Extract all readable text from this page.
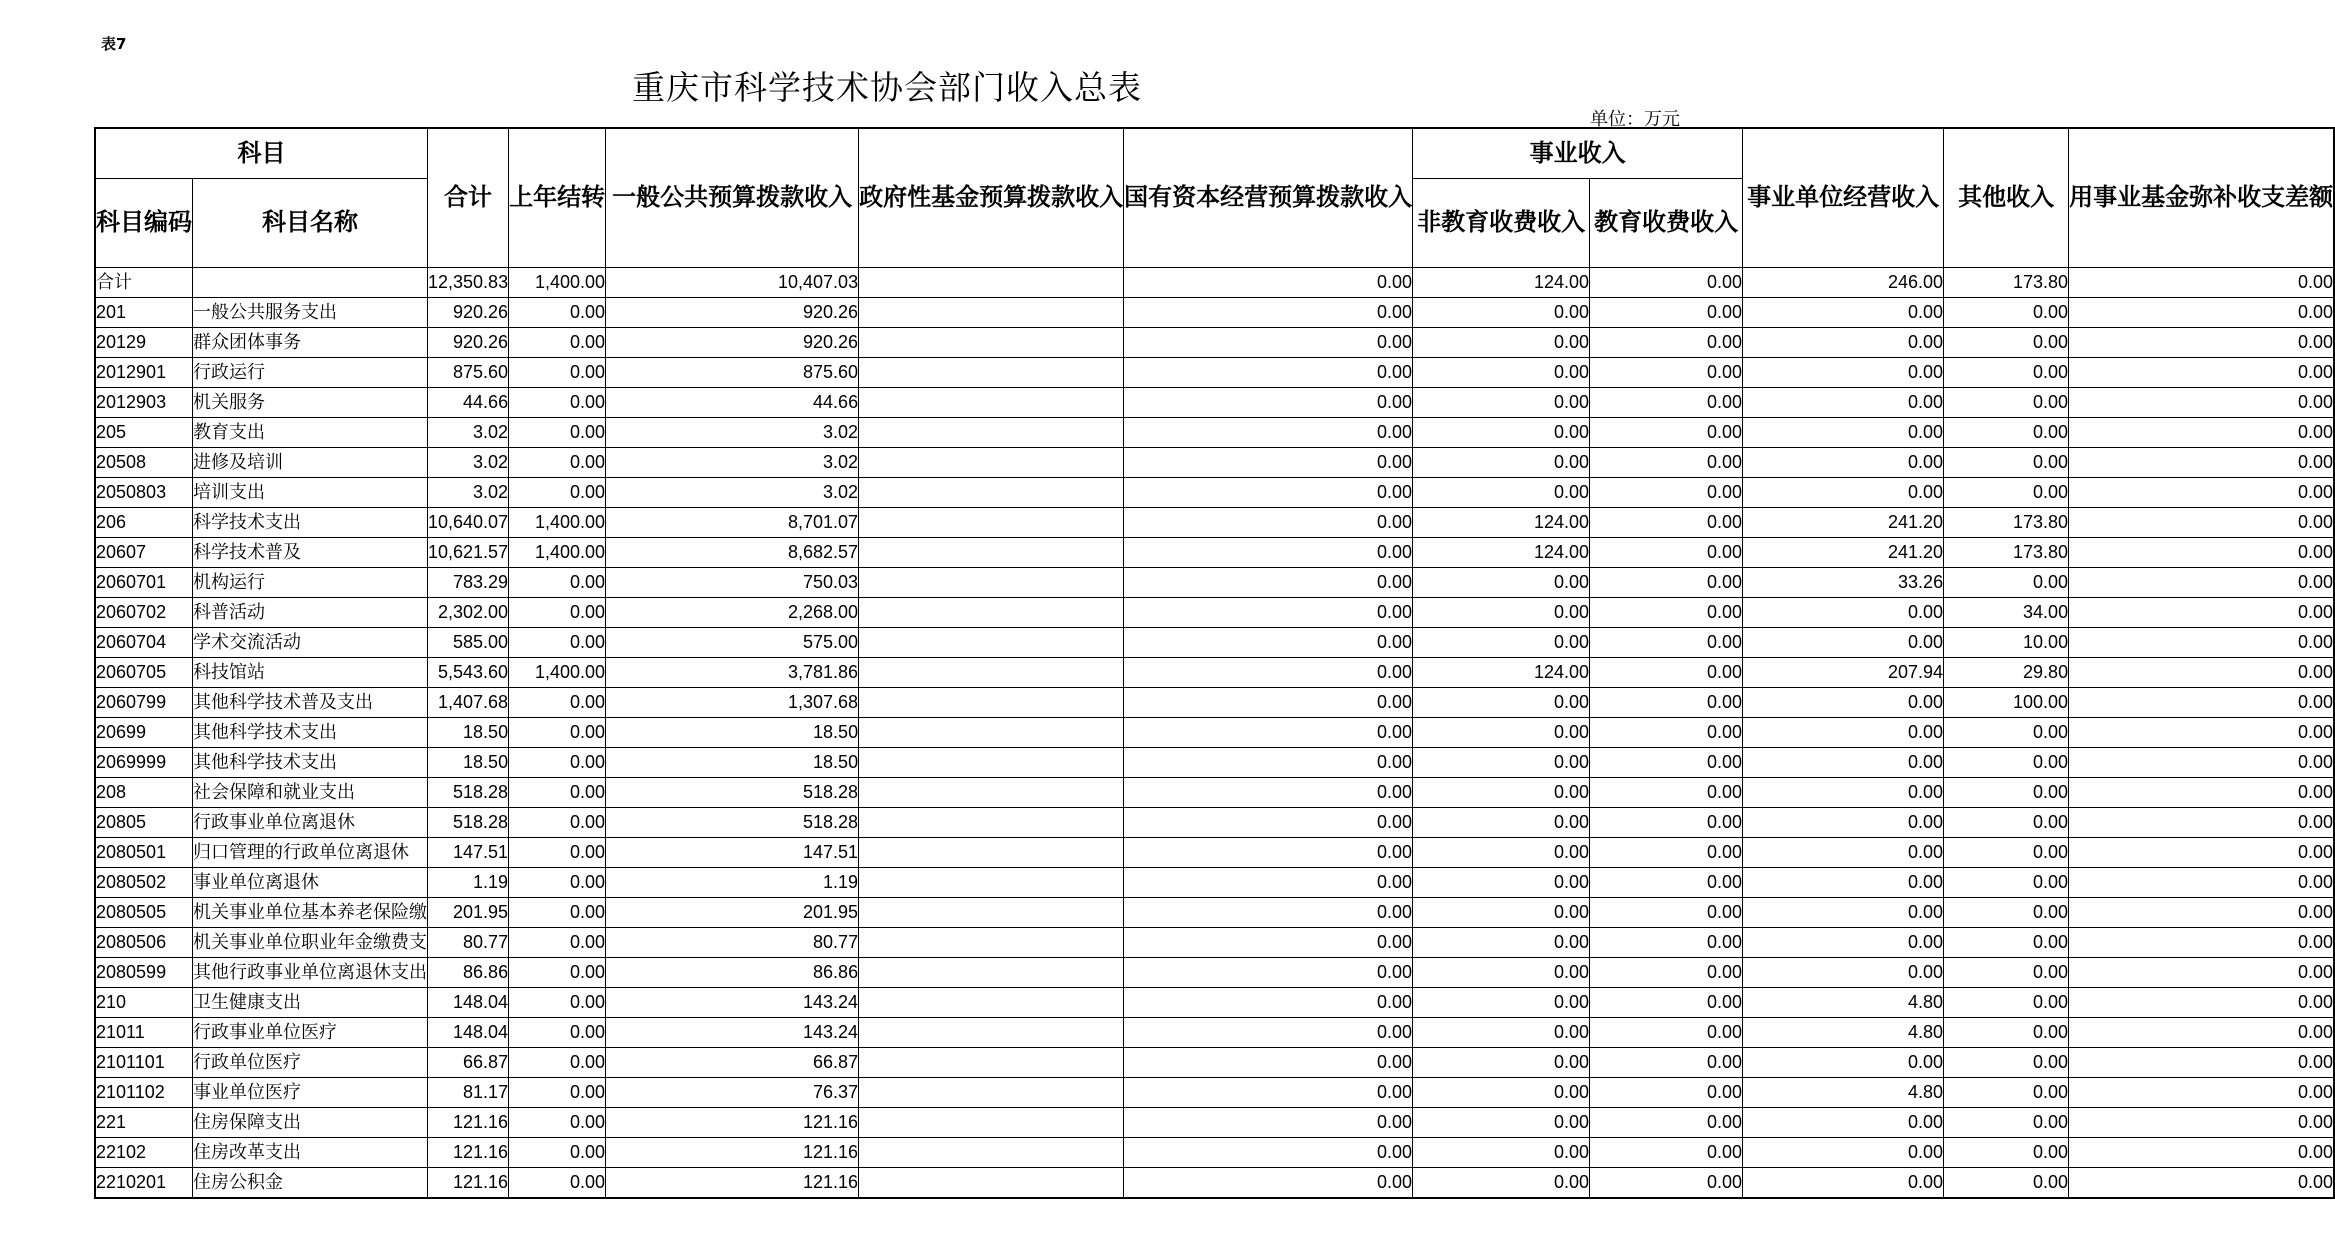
表7
重庆市科学技术协会部门收入总表
单位：万元
科目		合计	上年结转	一般公共预算拨款收入	政府性基金预算拨款收入	国有资本经营预算拨款收入	事业收入		事业单位经营收入	其他收入	用事业基金弥补收支差额
科目编码	科目名称						非教育收费收入	教育收费收入			
合计		12,350.83	1,400.00	10,407.03		0.00	124.00	0.00	246.00	173.80	0.00
201	一般公共服务支出	920.26	0.00	920.26		0.00	0.00	0.00	0.00	0.00	0.00
20129	群众团体事务	920.26	0.00	920.26		0.00	0.00	0.00	0.00	0.00	0.00
2012901	行政运行	875.60	0.00	875.60		0.00	0.00	0.00	0.00	0.00	0.00
2012903	机关服务	44.66	0.00	44.66		0.00	0.00	0.00	0.00	0.00	0.00
205	教育支出	3.02	0.00	3.02		0.00	0.00	0.00	0.00	0.00	0.00
20508	进修及培训	3.02	0.00	3.02		0.00	0.00	0.00	0.00	0.00	0.00
2050803	培训支出	3.02	0.00	3.02		0.00	0.00	0.00	0.00	0.00	0.00
206	科学技术支出	10,640.07	1,400.00	8,701.07		0.00	124.00	0.00	241.20	173.80	0.00
20607	科学技术普及	10,621.57	1,400.00	8,682.57		0.00	124.00	0.00	241.20	173.80	0.00
2060701	机构运行	783.29	0.00	750.03		0.00	0.00	0.00	33.26	0.00	0.00
2060702	科普活动	2,302.00	0.00	2,268.00		0.00	0.00	0.00	0.00	34.00	0.00
2060704	学术交流活动	585.00	0.00	575.00		0.00	0.00	0.00	0.00	10.00	0.00
2060705	科技馆站	5,543.60	1,400.00	3,781.86		0.00	124.00	0.00	207.94	29.80	0.00
2060799	其他科学技术普及支出	1,407.68	0.00	1,307.68		0.00	0.00	0.00	0.00	100.00	0.00
20699	其他科学技术支出	18.50	0.00	18.50		0.00	0.00	0.00	0.00	0.00	0.00
2069999	其他科学技术支出	18.50	0.00	18.50		0.00	0.00	0.00	0.00	0.00	0.00
208	社会保障和就业支出	518.28	0.00	518.28		0.00	0.00	0.00	0.00	0.00	0.00
20805	行政事业单位离退休	518.28	0.00	518.28		0.00	0.00	0.00	0.00	0.00	0.00
2080501	归口管理的行政单位离退休	147.51	0.00	147.51		0.00	0.00	0.00	0.00	0.00	0.00
2080502	事业单位离退休	1.19	0.00	1.19		0.00	0.00	0.00	0.00	0.00	0.00
2080505	机关事业单位基本养老保险缴	201.95	0.00	201.95		0.00	0.00	0.00	0.00	0.00	0.00
2080506	机关事业单位职业年金缴费支	80.77	0.00	80.77		0.00	0.00	0.00	0.00	0.00	0.00
2080599	其他行政事业单位离退休支出	86.86	0.00	86.86		0.00	0.00	0.00	0.00	0.00	0.00
210	卫生健康支出	148.04	0.00	143.24		0.00	0.00	0.00	4.80	0.00	0.00
21011	行政事业单位医疗	148.04	0.00	143.24		0.00	0.00	0.00	4.80	0.00	0.00
2101101	行政单位医疗	66.87	0.00	66.87		0.00	0.00	0.00	0.00	0.00	0.00
2101102	事业单位医疗	81.17	0.00	76.37		0.00	0.00	0.00	4.80	0.00	0.00
221	住房保障支出	121.16	0.00	121.16		0.00	0.00	0.00	0.00	0.00	0.00
22102	住房改革支出	121.16	0.00	121.16		0.00	0.00	0.00	0.00	0.00	0.00
2210201	住房公积金	121.16	0.00	121.16		0.00	0.00	0.00	0.00	0.00	0.00
